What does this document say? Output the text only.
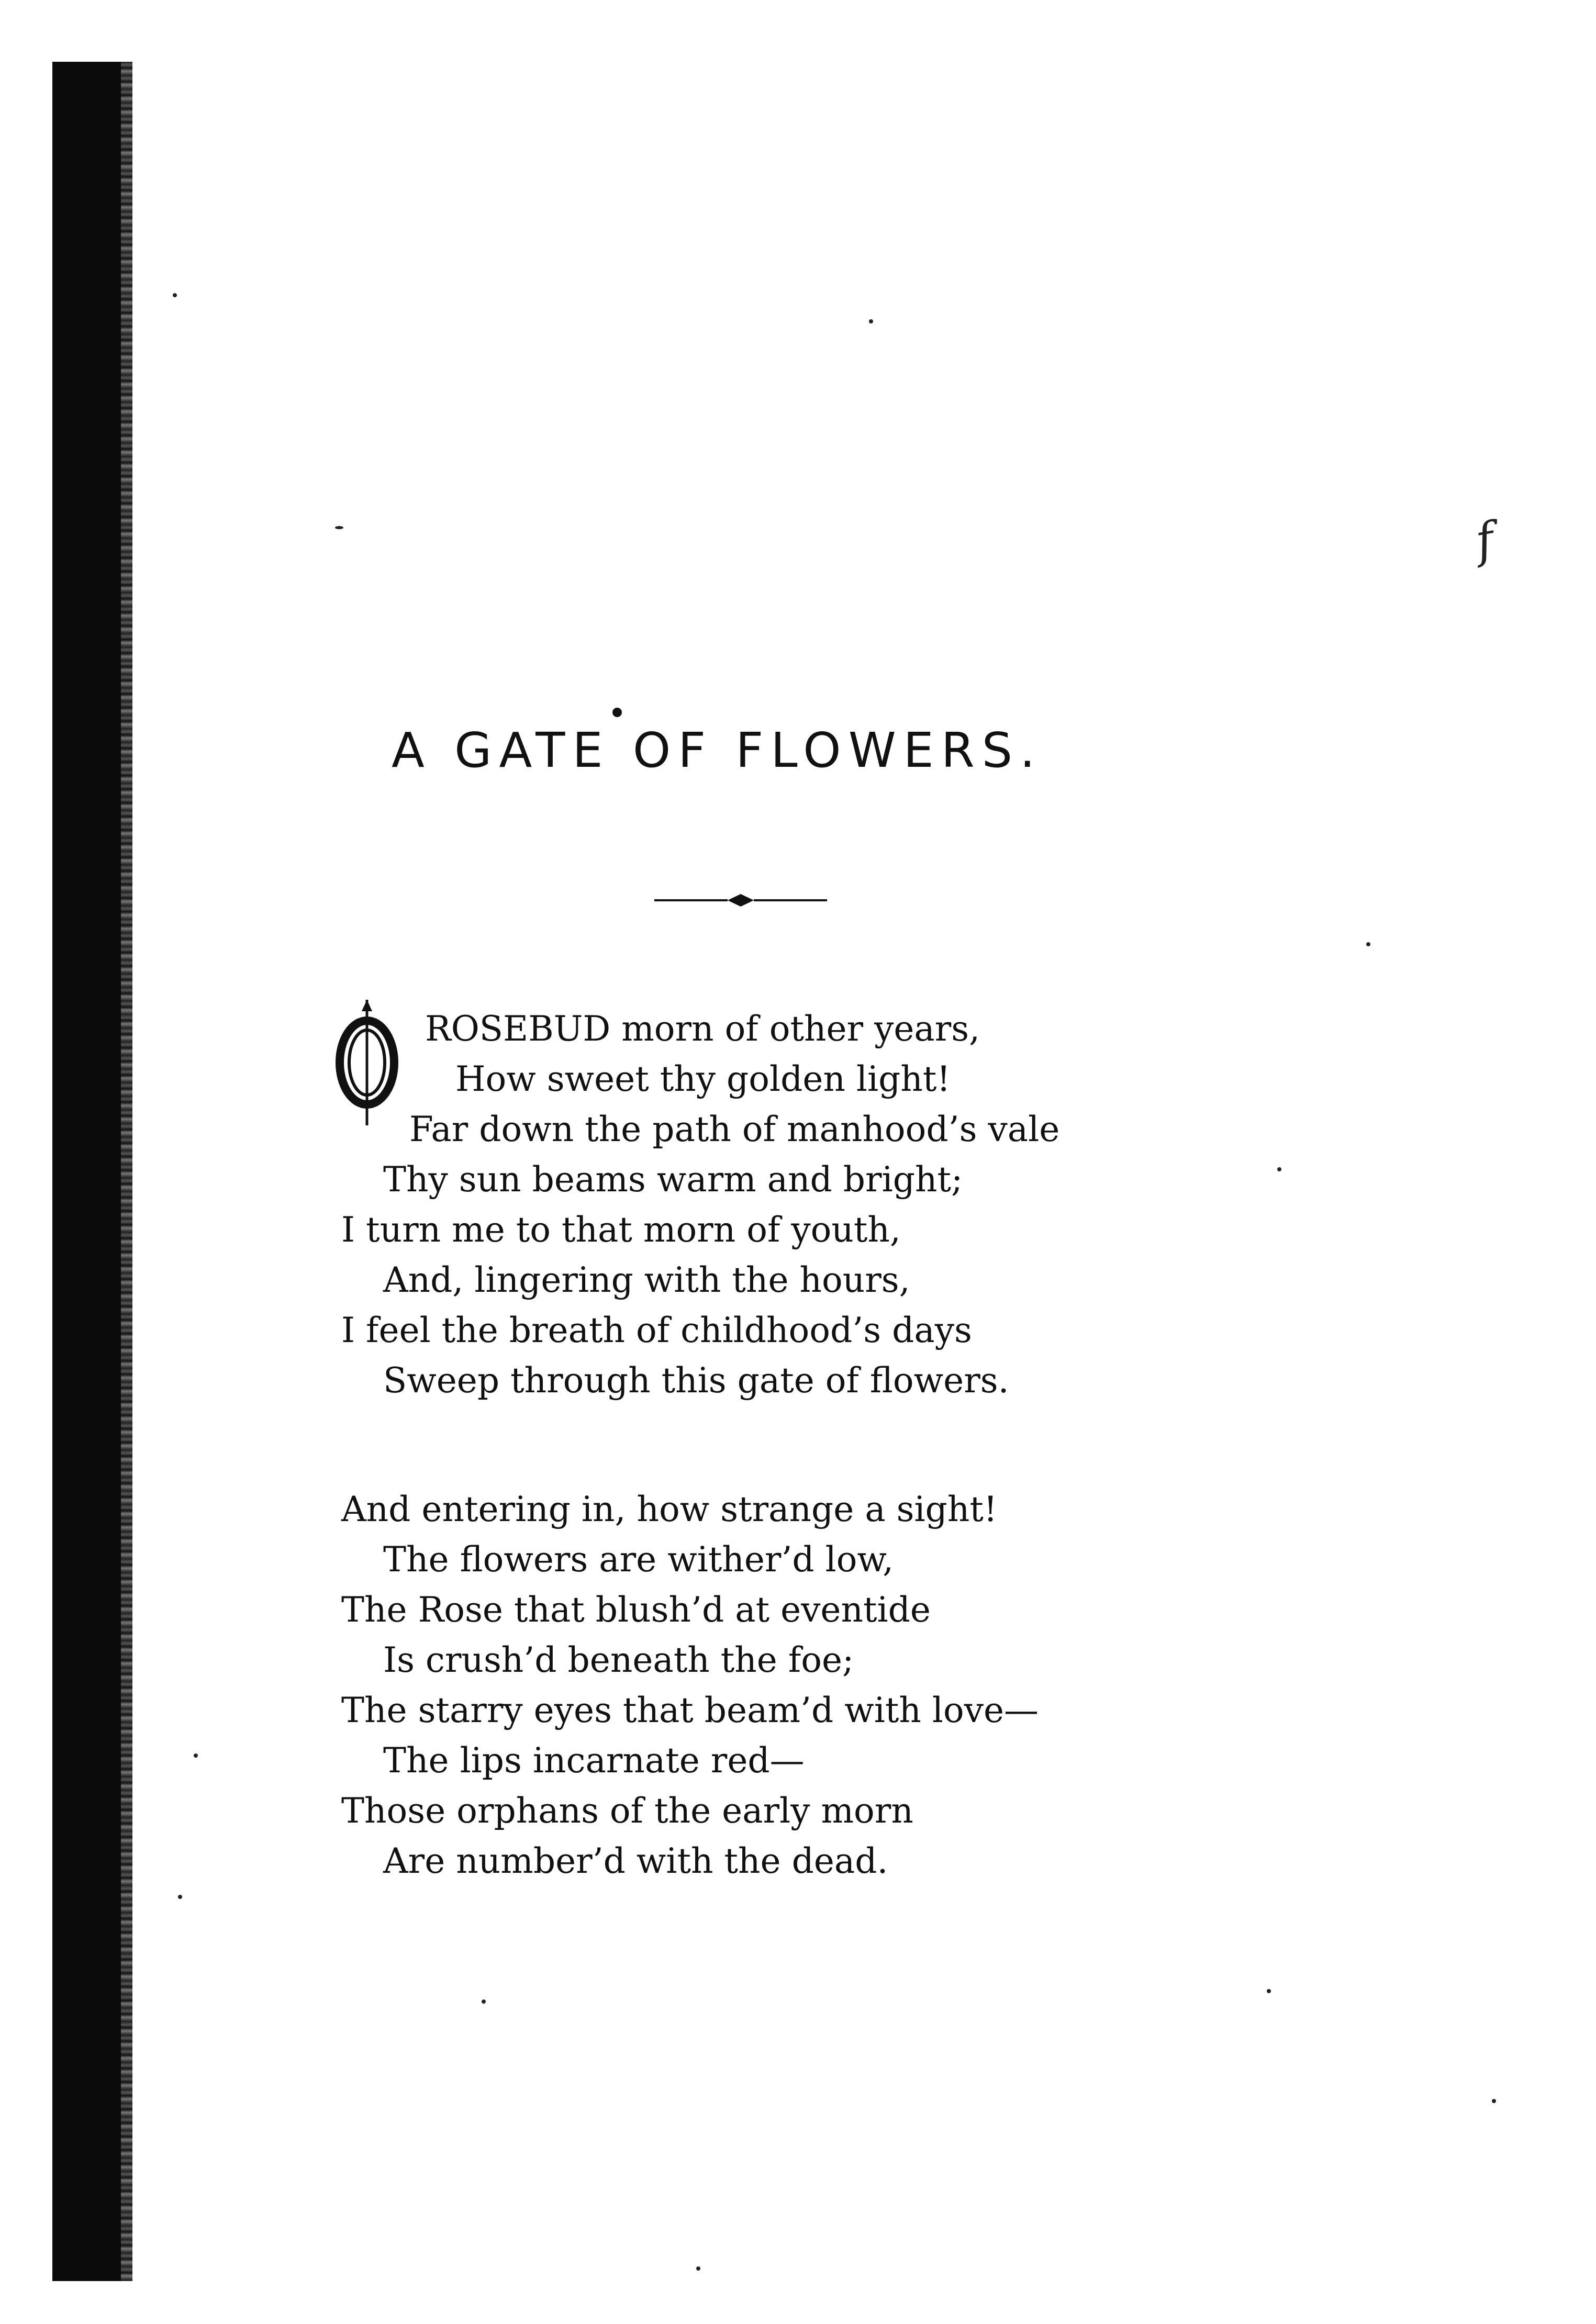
f
A GATE OF FLOWERS.
ROSEBUD morn of other years,
How sweet thy golden light!
Far down the path of manhood’s vale
Thy sun beams warm and bright;
I turn me to that morn of youth,
And, lingering with the hours,
I feel the breath of childhood’s days
Sweep through this gate of flowers.
And entering in, how strange a sight!
The flowers are wither’d low,
The Rose that blush’d at eventide
Is crush’d beneath the foe;
The starry eyes that beam’d with love—
The lips incarnate red—
Those orphans of the early morn
Are number’d with the dead.
